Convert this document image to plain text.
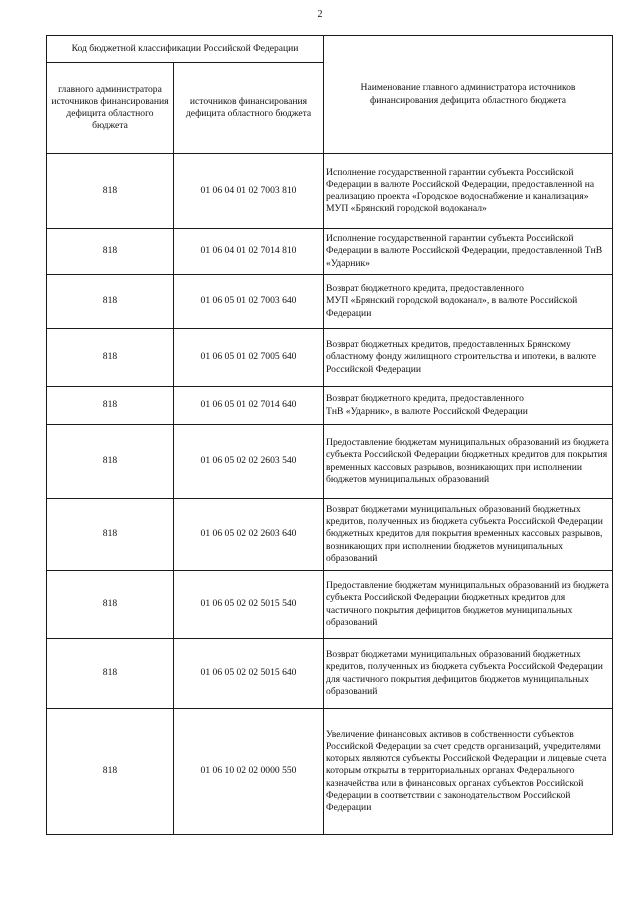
2
Код бюджетной классификации Российской Федерации		Наименование главного администратора источников финансирования дефицита областного бюджета
главного администратора источников финансирования дефицита областного бюджета	источников финансирования дефицита областного бюджета	
818	01 06 04 01 02 7003 810	Исполнение государственной гарантии субъекта Российской Федерации в валюте Российской Федерации, предоставленной на реализацию проекта «Городское водоснабжение и канализация»
МУП «Брянский городской водоканал»

818	01 06 04 01 02 7014 810	Исполнение государственной гарантии субъекта Российской Федерации в валюте Российской Федерации, предоставленной ТнВ «Ударник»

818	01 06 05 01 02 7003 640	Возврат бюджетного кредита, предоставленного
МУП «Брянский городской водоканал», в валюте Российской Федерации

818	01 06 05 01 02 7005 640	Возврат бюджетных кредитов, предоставленных Брянскому областному фонду жилищного строительства и ипотеки, в валюте Российской Федерации

818	01 06 05 01 02 7014 640	Возврат бюджетного кредита, предоставленного
ТнВ «Ударник», в валюте Российской Федерации

818	01 06 05 02 02 2603 540	Предоставление бюджетам муниципальных образований из бюджета субъекта Российской Федерации бюджетных кредитов для покрытия временных кассовых разрывов, возникающих при исполнении бюджетов муниципальных образований

818	01 06 05 02 02 2603 640	Возврат бюджетами муниципальных образований бюджетных кредитов, полученных из бюджета субъекта Российской Федерации бюджетных кредитов для покрытия временных кассовых разрывов, возникающих при исполнении бюджетов муниципальных образований

818	01 06 05 02 02 5015 540	Предоставление бюджетам муниципальных образований из бюджета субъекта Российской Федерации бюджетных кредитов для частичного покрытия дефицитов бюджетов муниципальных образований

818	01 06 05 02 02 5015 640	Возврат бюджетами муниципальных образований бюджетных кредитов, полученных из бюджета субъекта Российской Федерации для частичного покрытия дефицитов бюджетов муниципальных образований

818	01 06 10 02 02 0000 550	Увеличение финансовых активов в собственности субъектов Российской Федерации за счет средств организаций, учредителями которых являются субъекты Российской Федерации и лицевые счета которым открыты в территориальных органах Федерального казначейства или в финансовых органах субъектов Российской Федерации в соответствии с законодательством Российской Федерации
